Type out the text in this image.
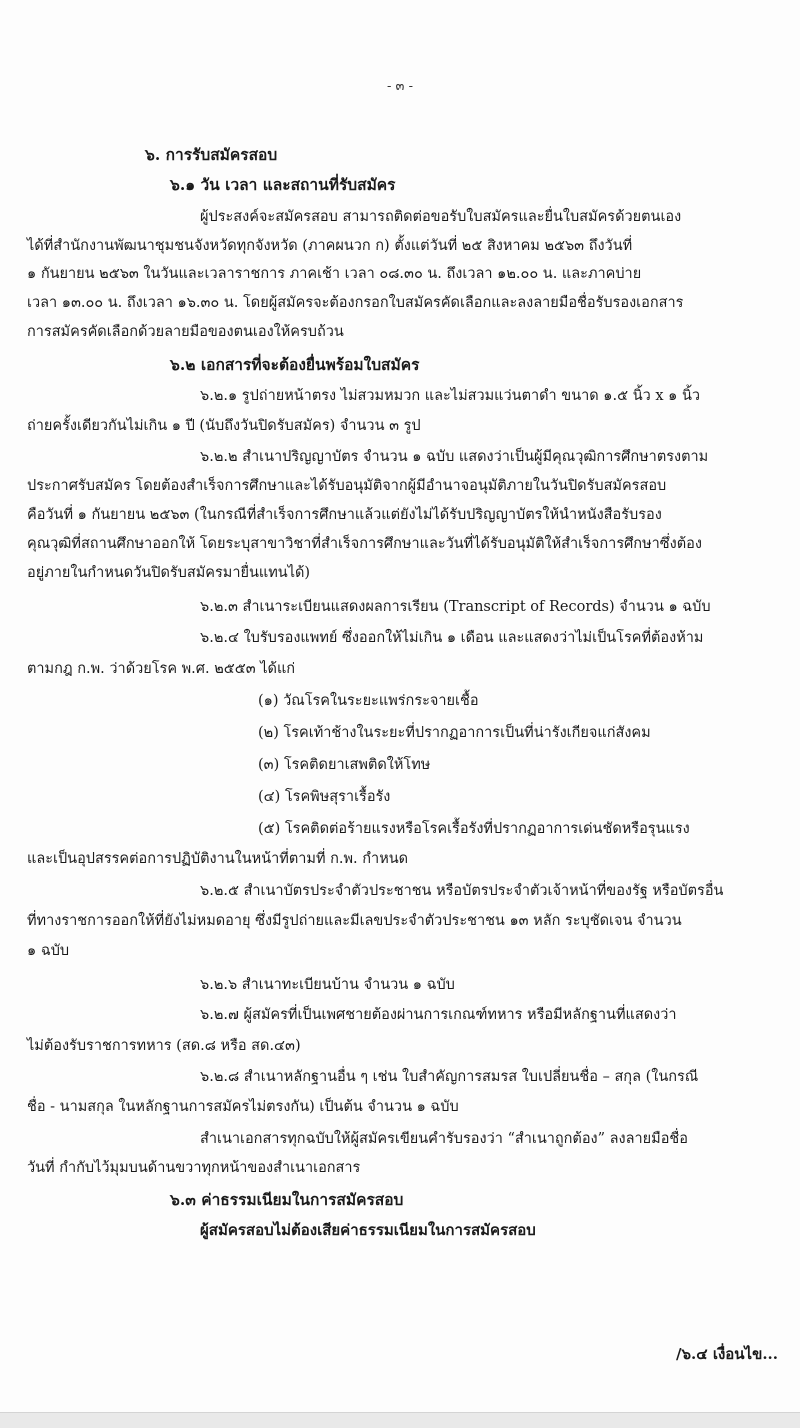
- ๓ -
๖. การรับสมัครสอบ
๖.๑ วัน เวลา และสถานที่รับสมัคร
ผู้ประสงค์จะสมัครสอบ สามารถติดต่อขอรับใบสมัครและยื่นใบสมัครด้วยตนเอง
ได้ที่สำนักงานพัฒนาชุมชนจังหวัดทุกจังหวัด (ภาคผนวก ก) ตั้งแต่วันที่ ๒๕ สิงหาคม ๒๕๖๓ ถึงวันที่
๑ กันยายน ๒๕๖๓ ในวันและเวลาราชการ ภาคเช้า เวลา ๐๘.๓๐ น. ถึงเวลา ๑๒.๐๐ น. และภาคบ่าย
เวลา ๑๓.๐๐ น. ถึงเวลา ๑๖.๓๐ น. โดยผู้สมัครจะต้องกรอกใบสมัครคัดเลือกและลงลายมือชื่อรับรองเอกสาร
การสมัครคัดเลือกด้วยลายมือของตนเองให้ครบถ้วน
๖.๒ เอกสารที่จะต้องยื่นพร้อมใบสมัคร
๖.๒.๑ รูปถ่ายหน้าตรง ไม่สวมหมวก และไม่สวมแว่นตาดำ ขนาด ๑.๕ นิ้ว x ๑ นิ้ว
ถ่ายครั้งเดียวกันไม่เกิน ๑ ปี (นับถึงวันปิดรับสมัคร) จำนวน ๓ รูป
๖.๒.๒ สำเนาปริญญาบัตร จำนวน ๑ ฉบับ แสดงว่าเป็นผู้มีคุณวุฒิการศึกษาตรงตาม
ประกาศรับสมัคร โดยต้องสำเร็จการศึกษาและได้รับอนุมัติจากผู้มีอำนาจอนุมัติภายในวันปิดรับสมัครสอบ
คือวันที่ ๑ กันยายน ๒๕๖๓ (ในกรณีที่สำเร็จการศึกษาแล้วแต่ยังไม่ได้รับปริญญาบัตรให้นำหนังสือรับรอง
คุณวุฒิที่สถานศึกษาออกให้ โดยระบุสาขาวิชาที่สำเร็จการศึกษาและวันที่ได้รับอนุมัติให้สำเร็จการศึกษาซึ่งต้อง
อยู่ภายในกำหนดวันปิดรับสมัครมายื่นแทนได้)
๖.๒.๓ สำเนาระเบียนแสดงผลการเรียน (Transcript of Records) จำนวน ๑ ฉบับ
๖.๒.๔ ใบรับรองแพทย์ ซึ่งออกให้ไม่เกิน ๑ เดือน และแสดงว่าไม่เป็นโรคที่ต้องห้าม
ตามกฎ ก.พ. ว่าด้วยโรค พ.ศ. ๒๕๕๓ ได้แก่
(๑) วัณโรคในระยะแพร่กระจายเชื้อ
(๒) โรคเท้าช้างในระยะที่ปรากฏอาการเป็นที่น่ารังเกียจแก่สังคม
(๓) โรคติดยาเสพติดให้โทษ
(๔) โรคพิษสุราเรื้อรัง
(๕) โรคติดต่อร้ายแรงหรือโรคเรื้อรังที่ปรากฏอาการเด่นชัดหรือรุนแรง
และเป็นอุปสรรคต่อการปฏิบัติงานในหน้าที่ตามที่ ก.พ. กำหนด
๖.๒.๕ สำเนาบัตรประจำตัวประชาชน หรือบัตรประจำตัวเจ้าหน้าที่ของรัฐ หรือบัตรอื่น
ที่ทางราชการออกให้ที่ยังไม่หมดอายุ ซึ่งมีรูปถ่ายและมีเลขประจำตัวประชาชน ๑๓ หลัก ระบุชัดเจน จำนวน
๑ ฉบับ
๖.๒.๖ สำเนาทะเบียนบ้าน จำนวน ๑ ฉบับ
๖.๒.๗ ผู้สมัครที่เป็นเพศชายต้องผ่านการเกณฑ์ทหาร หรือมีหลักฐานที่แสดงว่า
ไม่ต้องรับราชการทหาร (สด.๘ หรือ สด.๔๓)
๖.๒.๘ สำเนาหลักฐานอื่น ๆ เช่น ใบสำคัญการสมรส ใบเปลี่ยนชื่อ – สกุล (ในกรณี
ชื่อ - นามสกุล ในหลักฐานการสมัครไม่ตรงกัน) เป็นต้น จำนวน ๑ ฉบับ
สำเนาเอกสารทุกฉบับให้ผู้สมัครเขียนคำรับรองว่า “สำเนาถูกต้อง” ลงลายมือชื่อ
วันที่ กำกับไว้มุมบนด้านขวาทุกหน้าของสำเนาเอกสาร
๖.๓ ค่าธรรมเนียมในการสมัครสอบ
ผู้สมัครสอบไม่ต้องเสียค่าธรรมเนียมในการสมัครสอบ
/๖.๔ เงื่อนไข...
